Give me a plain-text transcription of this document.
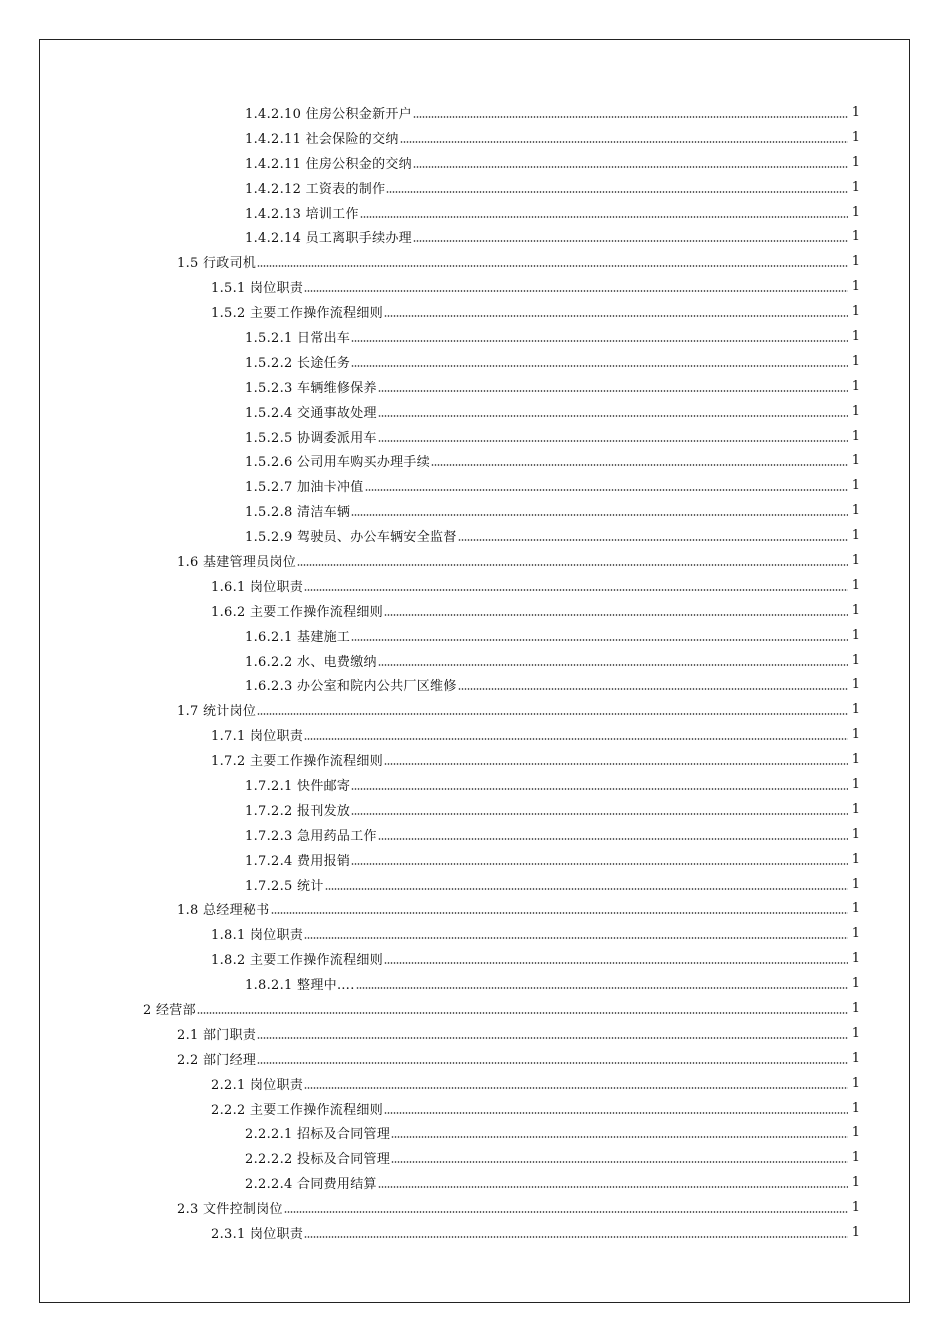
1.4.2.10 住房公积金新开户	1
1.4.2.11 社会保险的交纳	1
1.4.2.11 住房公积金的交纳	1
1.4.2.12 工资表的制作	1
1.4.2.13 培训工作	1
1.4.2.14 员工离职手续办理	1
1.5 行政司机	1
1.5.1 岗位职责	1
1.5.2 主要工作操作流程细则	1
1.5.2.1 日常出车	1
1.5.2.2 长途任务	1
1.5.2.3 车辆维修保养	1
1.5.2.4 交通事故处理	1
1.5.2.5 协调委派用车	1
1.5.2.6 公司用车购买办理手续	1
1.5.2.7 加油卡冲值	1
1.5.2.8 清洁车辆	1
1.5.2.9 驾驶员、办公车辆安全监督	1
1.6 基建管理员岗位	1
1.6.1 岗位职责	1
1.6.2 主要工作操作流程细则	1
1.6.2.1 基建施工	1
1.6.2.2 水、电费缴纳	1
1.6.2.3 办公室和院内公共厂区维修	1
1.7 统计岗位	1
1.7.1 岗位职责	1
1.7.2 主要工作操作流程细则	1
1.7.2.1 快件邮寄	1
1.7.2.2 报刊发放	1
1.7.2.3 急用药品工作	1
1.7.2.4 费用报销	1
1.7.2.5 统计	1
1.8 总经理秘书	1
1.8.1 岗位职责	1
1.8.2 主要工作操作流程细则	1
1.8.2.1 整理中….	1
2 经营部	1
2.1 部门职责	1
2.2 部门经理	1
2.2.1 岗位职责	1
2.2.2 主要工作操作流程细则	1
2.2.2.1 招标及合同管理	1
2.2.2.2 投标及合同管理	1
2.2.2.4 合同费用结算	1
2.3 文件控制岗位	1
2.3.1 岗位职责	1
